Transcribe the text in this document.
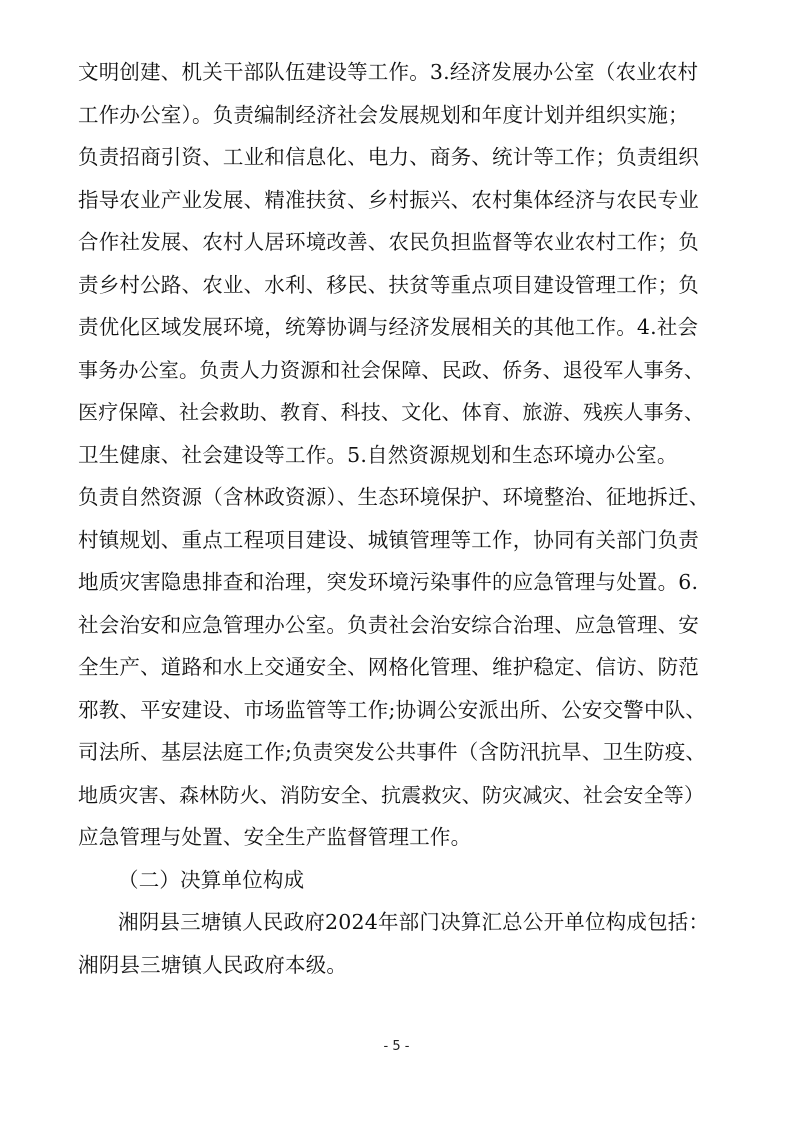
文明创建、机关干部队伍建设等工作。3.经济发展办公室（农业农村
工作办公室）。负责编制经济社会发展规划和年度计划并组织实施；
负责招商引资、工业和信息化、电力、商务、统计等工作；负责组织
指导农业产业发展、精准扶贫、乡村振兴、农村集体经济与农民专业
合作社发展、农村人居环境改善、农民负担监督等农业农村工作；负
责乡村公路、农业、水利、移民、扶贫等重点项目建设管理工作；负
责优化区域发展环境，统筹协调与经济发展相关的其他工作。4.社会
事务办公室。负责人力资源和社会保障、民政、侨务、退役军人事务、
医疗保障、社会救助、教育、科技、文化、体育、旅游、残疾人事务、
卫生健康、社会建设等工作。5.自然资源规划和生态环境办公室。
负责自然资源（含林政资源）、生态环境保护、环境整治、征地拆迁、
村镇规划、重点工程项目建设、城镇管理等工作，协同有关部门负责
地质灾害隐患排查和治理，突发环境污染事件的应急管理与处置。6.
社会治安和应急管理办公室。负责社会治安综合治理、应急管理、安
全生产、道路和水上交通安全、网格化管理、维护稳定、信访、防范
邪教、平安建设、市场监管等工作;协调公安派出所、公安交警中队、
司法所、基层法庭工作;负责突发公共事件（含防汛抗旱、卫生防疫、
地质灾害、森林防火、消防安全、抗震救灾、防灾减灾、社会安全等）
应急管理与处置、安全生产监督管理工作。
（二）决算单位构成
湘阴县三塘镇人民政府2024年部门决算汇总公开单位构成包括：
湘阴县三塘镇人民政府本级。
- 5 -
